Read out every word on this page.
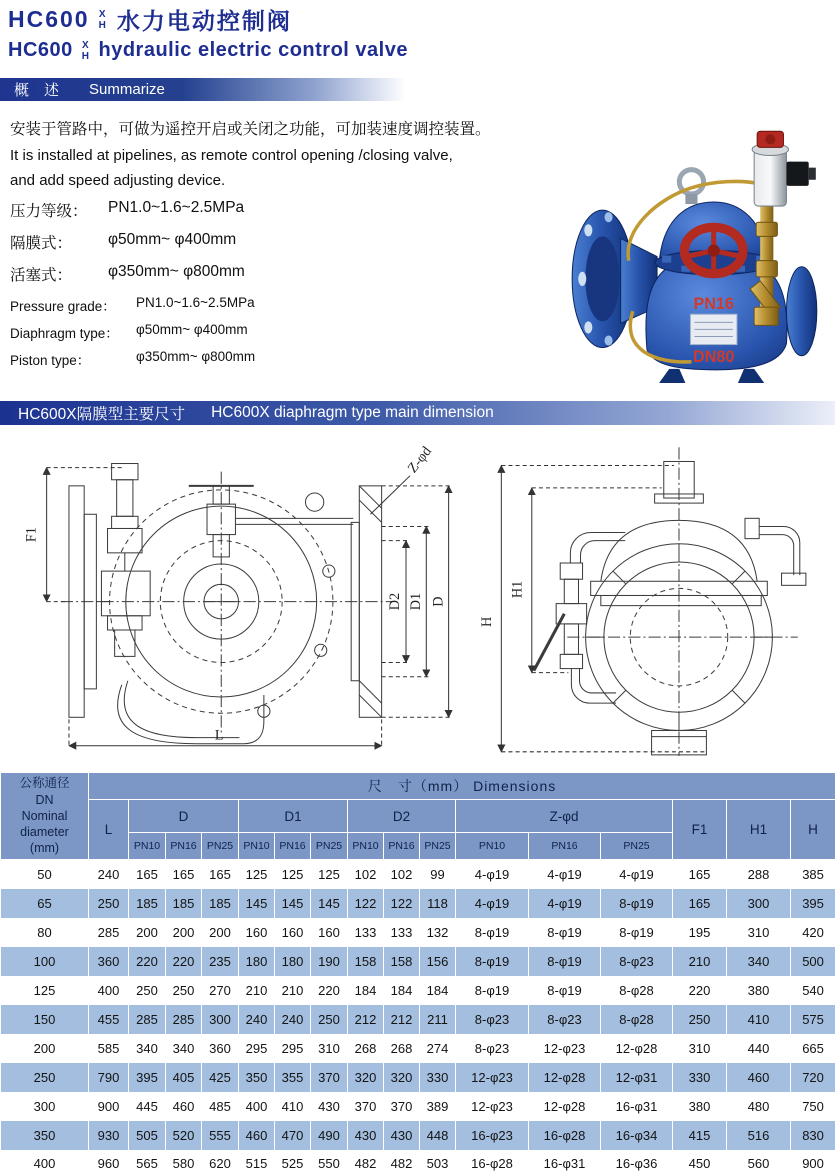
HC600 X
H 水力电动控制阀
HC600 X
H hydraulic electric control valve
概　述 Summarize

安装于管路中，可做为遥控开启或关闭之功能，可加装速度调控装置。

It is installed at pipelines, as remote control opening /closing valve,

and add speed adjusting device.

压力等级：	PN1.0~1.6~2.5MPa
隔膜式：	φ50mm~ φ400mm
活塞式：	φ350mm~ φ800mm
Pressure grade：	PN1.0~1.6~2.5MPa
Diaphragm type：	φ50mm~ φ400mm
Piston type：	φ350mm~ φ800mm
PN16
DN80
HC600X隔膜型主要尺寸 HC600X diaphragm type main dimension
F1
L
D2 D1 D
Z-φd
H
H1
公称通径
DN
Nominal
diameter
(mm)	尺　寸（mm） Dimensions															
	L	D			D1			D2			Z-φd			F1	H1	H
		PN10	PN16	PN25	PN10	PN16	PN25	PN10	PN16	PN25	PN10	PN16	PN25			
50	240	165	165	165	125	125	125	102	102	99	4-φ19	4-φ19	4-φ19	165	288	385
65	250	185	185	185	145	145	145	122	122	118	4-φ19	4-φ19	8-φ19	165	300	395
80	285	200	200	200	160	160	160	133	133	132	8-φ19	8-φ19	8-φ19	195	310	420
100	360	220	220	235	180	180	190	158	158	156	8-φ19	8-φ19	8-φ23	210	340	500
125	400	250	250	270	210	210	220	184	184	184	8-φ19	8-φ19	8-φ28	220	380	540
150	455	285	285	300	240	240	250	212	212	211	8-φ23	8-φ23	8-φ28	250	410	575
200	585	340	340	360	295	295	310	268	268	274	8-φ23	12-φ23	12-φ28	310	440	665
250	790	395	405	425	350	355	370	320	320	330	12-φ23	12-φ28	12-φ31	330	460	720
300	900	445	460	485	400	410	430	370	370	389	12-φ23	12-φ28	16-φ31	380	480	750
350	930	505	520	555	460	470	490	430	430	448	16-φ23	16-φ28	16-φ34	415	516	830
400	960	565	580	620	515	525	550	482	482	503	16-φ28	16-φ31	16-φ36	450	560	900
